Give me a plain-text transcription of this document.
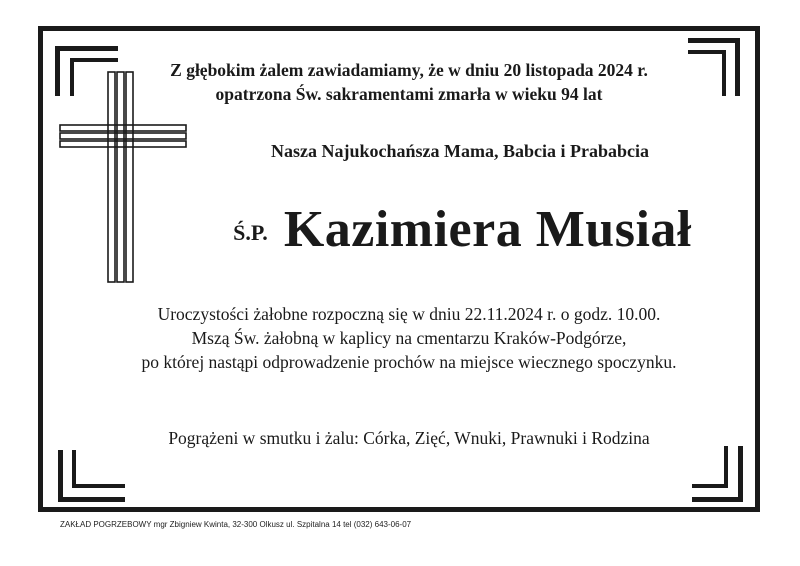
Z głębokim żalem zawiadamiamy, że w dniu 20 listopada 2024 r.
opatrzona Św. sakramentami zmarła w wieku 94 lat
Nasza Najukochańsza Mama, Babcia i Prababcia
Ś.P. Kazimiera Musiał
Uroczystości żałobne rozpoczną się w dniu 22.11.2024 r. o godz. 10.00.
Mszą Św. żałobną w kaplicy na cmentarzu Kraków-Podgórze,
po której nastąpi odprowadzenie prochów na miejsce wiecznego spoczynku.
Pogrążeni w smutku i żalu: Córka, Zięć, Wnuki, Prawnuki i Rodzina
ZAKŁAD POGRZEBOWY mgr Zbigniew Kwinta, 32-300 Olkusz ul. Szpitalna 14 tel (032) 643-06-07
